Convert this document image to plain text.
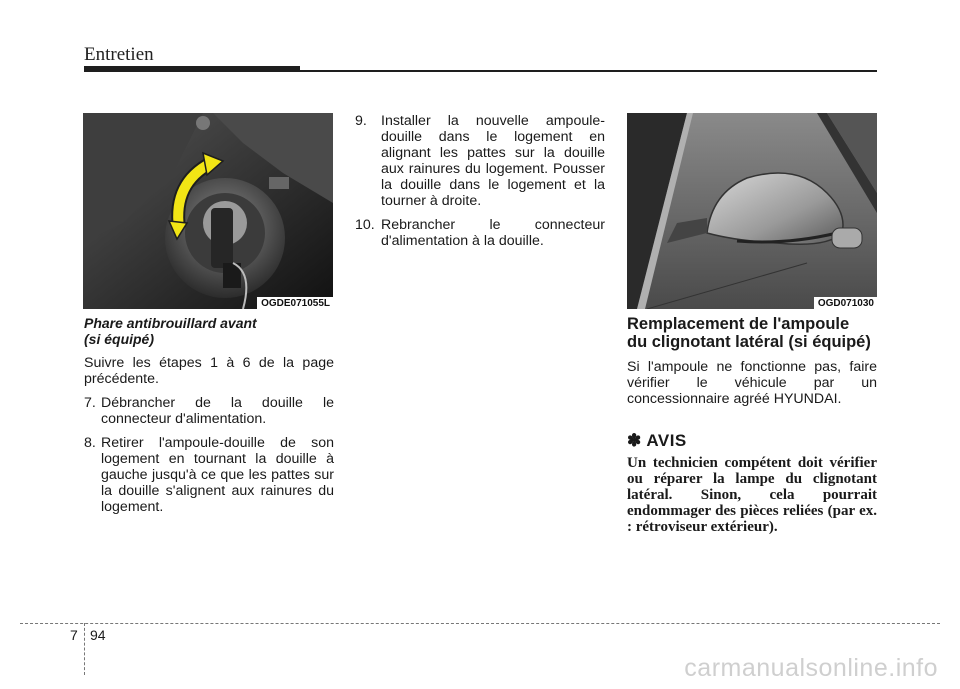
Entretien
OGDE071055L
Phare antibrouillard avant
(si équipé)

Suivre les étapes 1 à 6 de la page précédente.

7. Débrancher de la douille le connecteur d'alimentation.
8. Retirer l'ampoule-douille de son logement en tournant la douille à gauche jusqu'à ce que les pattes sur la douille s'alignent aux rainures du logement.
9. Installer la nouvelle ampoule-douille dans le logement en alignant les pattes sur la douille aux rainures du logement. Pousser la douille dans le logement et la tourner à droite.
10. Rebrancher le connecteur d'alimentation à la douille.
OGD071030
Remplacement de l'ampoule
du clignotant latéral (si équipé)

Si l'ampoule ne fonctionne pas, faire vérifier le véhicule par un concessionnaire agréé HYUNDAI.

✽ AVIS
Un technicien compétent doit vérifier ou réparer la lampe du clignotant latéral. Sinon, cela pourrait endommager des pièces reliées (par ex. : rétroviseur extérieur).
7 94
carmanualsonline.info
